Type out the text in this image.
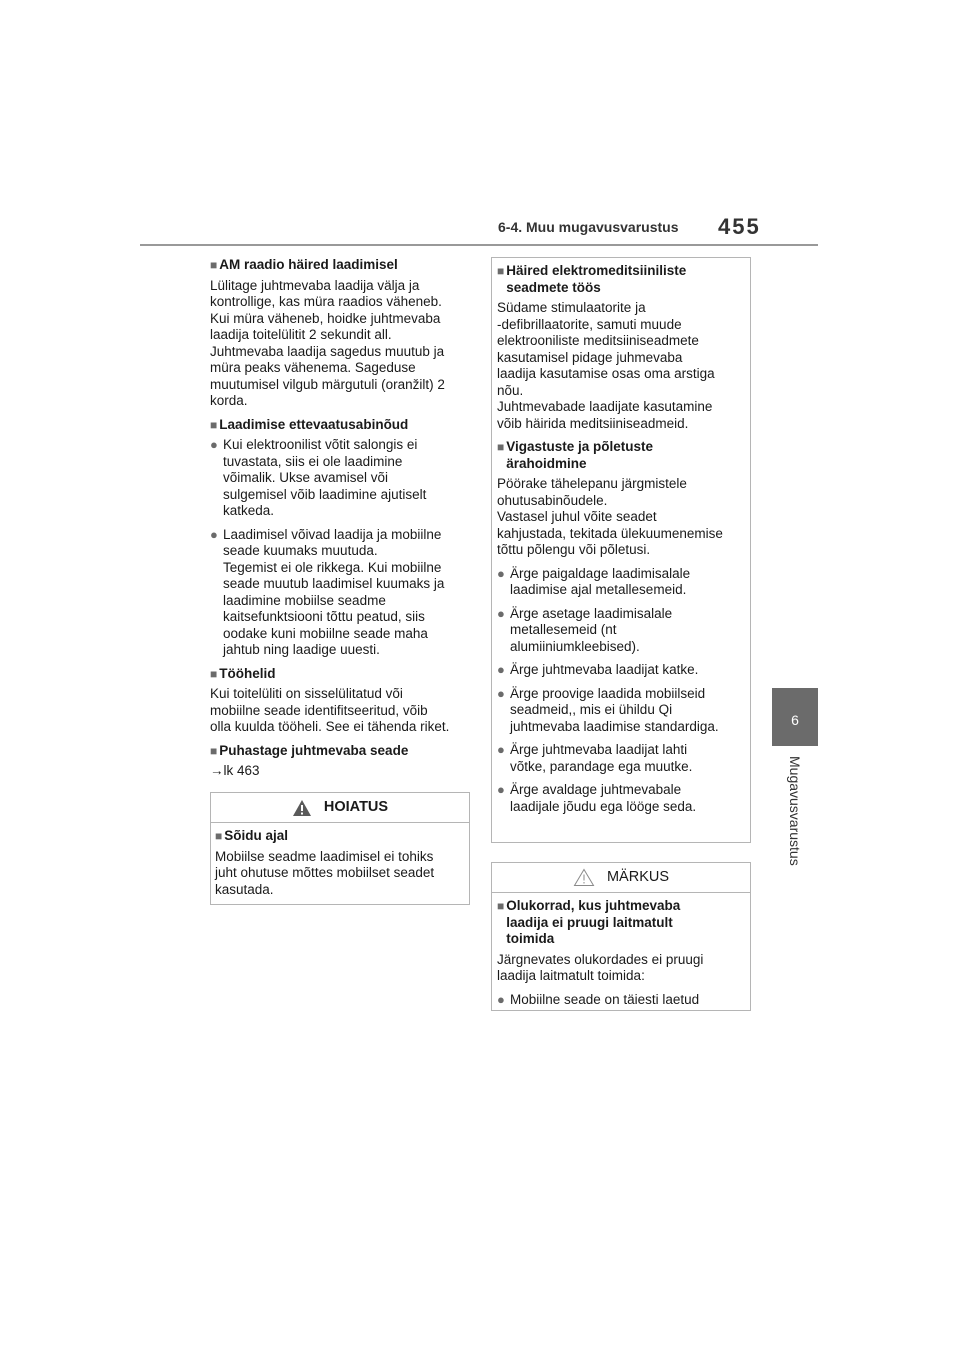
6-4. Muu mugavusvarustus 455
6
Mugavusvarustus
■ AM raadio häired laadimisel
Lülitage juhtmevaba laadija välja ja
kontrollige, kas müra raadios väheneb.
Kui müra väheneb, hoidke juhtmevaba
laadija toitelülitit 2 sekundit all.
Juhtmevaba laadija sagedus muutub ja
müra peaks vähenema. Sageduse
muutumisel vilgub märgutuli (oranžilt) 2
korda.
■ Laadimise ettevaatusabinõud
● Kui elektroonilist võtit salongis ei
tuvastata, siis ei ole laadimine
võimalik. Ukse avamisel või
sulgemisel võib laadimine ajutiselt
katkeda.
● Laadimisel võivad laadija ja mobiilne
seade kuumaks muutuda.
Tegemist ei ole rikkega. Kui mobiilne
seade muutub laadimisel kuumaks ja
laadimine mobiilse seadme
kaitsefunktsiooni tõttu peatud, siis
oodake kuni mobiilne seade maha
jahtub ning laadige uuesti.
■ Tööhelid
Kui toitelüliti on sisselülitatud või
mobiilne seade identifitseeritud, võib
olla kuulda tööheli. See ei tähenda riket.
■ Puhastage juhtmevaba seade
→lk 463
HOIATUS
■ Sõidu ajal
Mobiilse seadme laadimisel ei tohiks
juht ohutuse mõttes mobiilset seadet
kasutada.
■ Häired elektromeditsiiniliste
seadmete töös
Südame stimulaatorite ja
-defibrillaatorite, samuti muude
elektrooniliste meditsiiniseadmete
kasutamisel pidage juhmevaba
laadija kasutamise osas oma arstiga
nõu.
Juhtmevabade laadijate kasutamine
võib häirida meditsiiniseadmeid.
■ Vigastuste ja põletuste
ärahoidmine
Pöörake tähelepanu järgmistele
ohutusabinõudele.
Vastasel juhul võite seadet
kahjustada, tekitada ülekuumenemise
tõttu põlengu või põletusi.
● Ärge paigaldage laadimisalale
laadimise ajal metallesemeid.
● Ärge asetage laadimisalale
metallesemeid (nt
alumiiniumkleebised).
● Ärge juhtmevaba laadijat katke.
● Ärge proovige laadida mobiilseid
seadmeid,, mis ei ühildu Qi
juhtmevaba laadimise standardiga.
● Ärge juhtmevaba laadijat lahti
võtke, parandage ega muutke.
● Ärge avaldage juhtmevabale
laadijale jõudu ega lööge seda.
MÄRKUS
■ Olukorrad, kus juhtmevaba
laadija ei pruugi laitmatult
toimida
Järgnevates olukordades ei pruugi
laadija laitmatult toimida:
● Mobiilne seade on täiesti laetud
